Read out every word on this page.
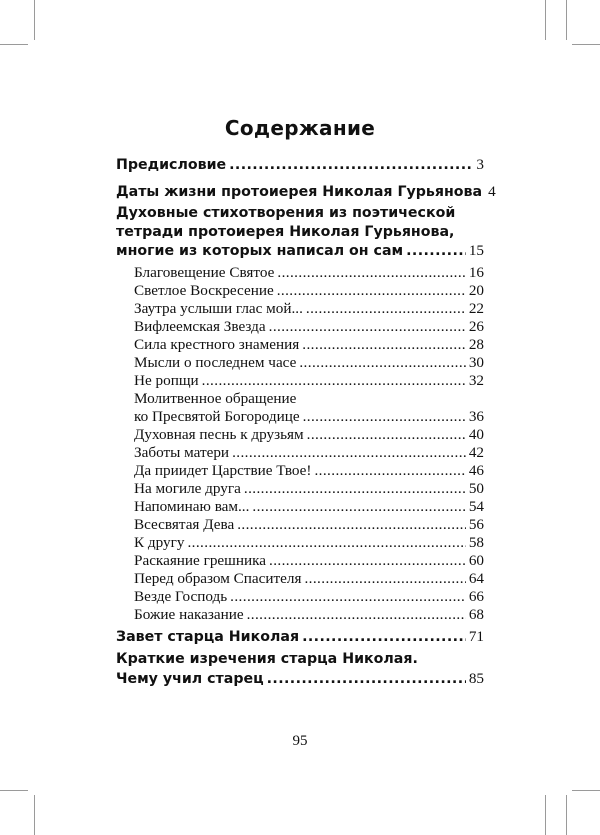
Содержание
Предисловие .....	3
Даты жизни протоиерея Николая Гурьянова 4
Духовные стихотворения из поэтической
тетради протоиерея Николая Гурьянова,
многие из которых написал он сам .....	15
Благовещение Святое .....	16
Светлое Воскресение .....	20
Заутра услыши глас мой... .....	22
Вифлеемская Звезда .....	26
Сила крестного знамения .....	28
Мысли о последнем часе .....	30
Не ропщи .....	32
Молитвенное обращение
ко Пресвятой Богородице .....	36
Духовная песнь к друзьям .....	40
Заботы матери .....	42
Да приидет Царствие Твое! .....	46
На могиле друга .....	50
Напоминаю вам... .....	54
Всесвятая Дева .....	56
К другу .....	58
Раскаяние грешника .....	60
Перед образом Спасителя .....	64
Везде Господь .....	66
Божие наказание .....	68
Завет старца Николая .....	71
Краткие изречения старца Николая.
Чему учил старец .....	85
95
